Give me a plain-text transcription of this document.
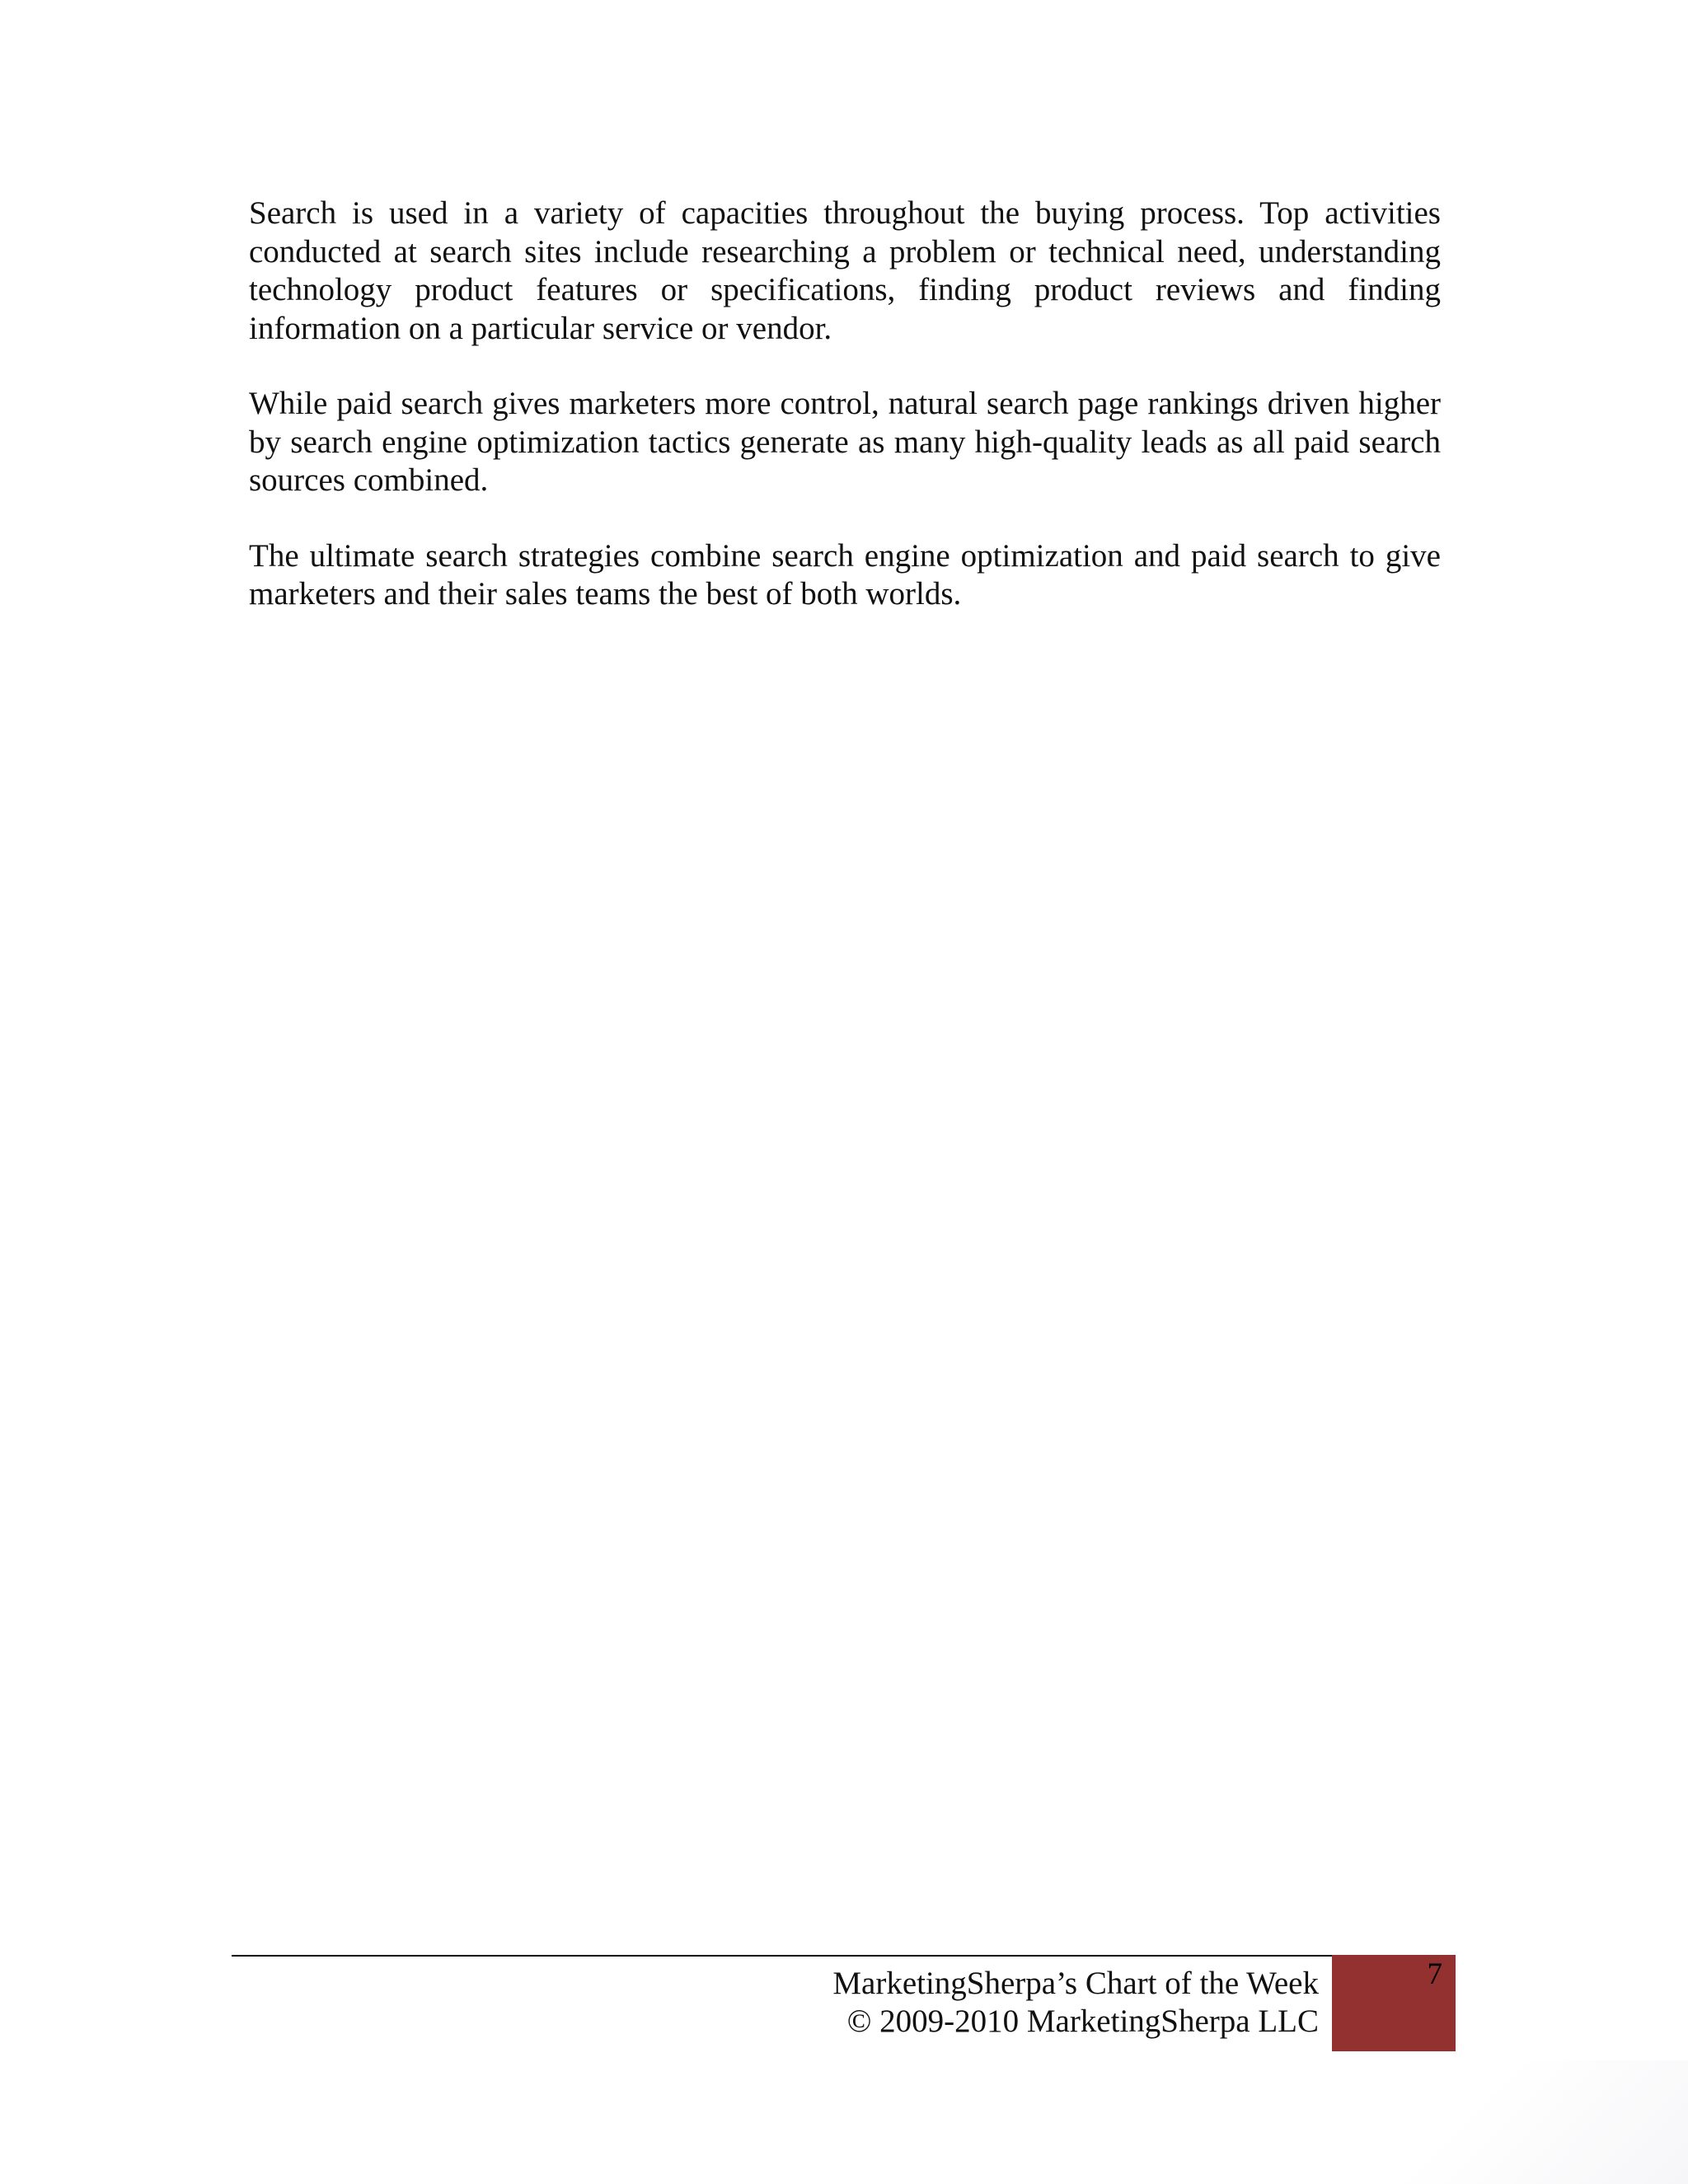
Search is used in a variety of capacities throughout the buying process. Top activities conducted at search sites include researching a problem or technical need, understanding technology product features or specifications, finding product reviews and finding information on a particular service or vendor.

While paid search gives marketers more control, natural search page rankings driven higher by search engine optimization tactics generate as many high-quality leads as all paid search sources combined.

The ultimate search strategies combine search engine optimization and paid search to give marketers and their sales teams the best of both worlds.

MarketingSherpa’s Chart of the Week
© 2009-2010 MarketingSherpa LLC
7
